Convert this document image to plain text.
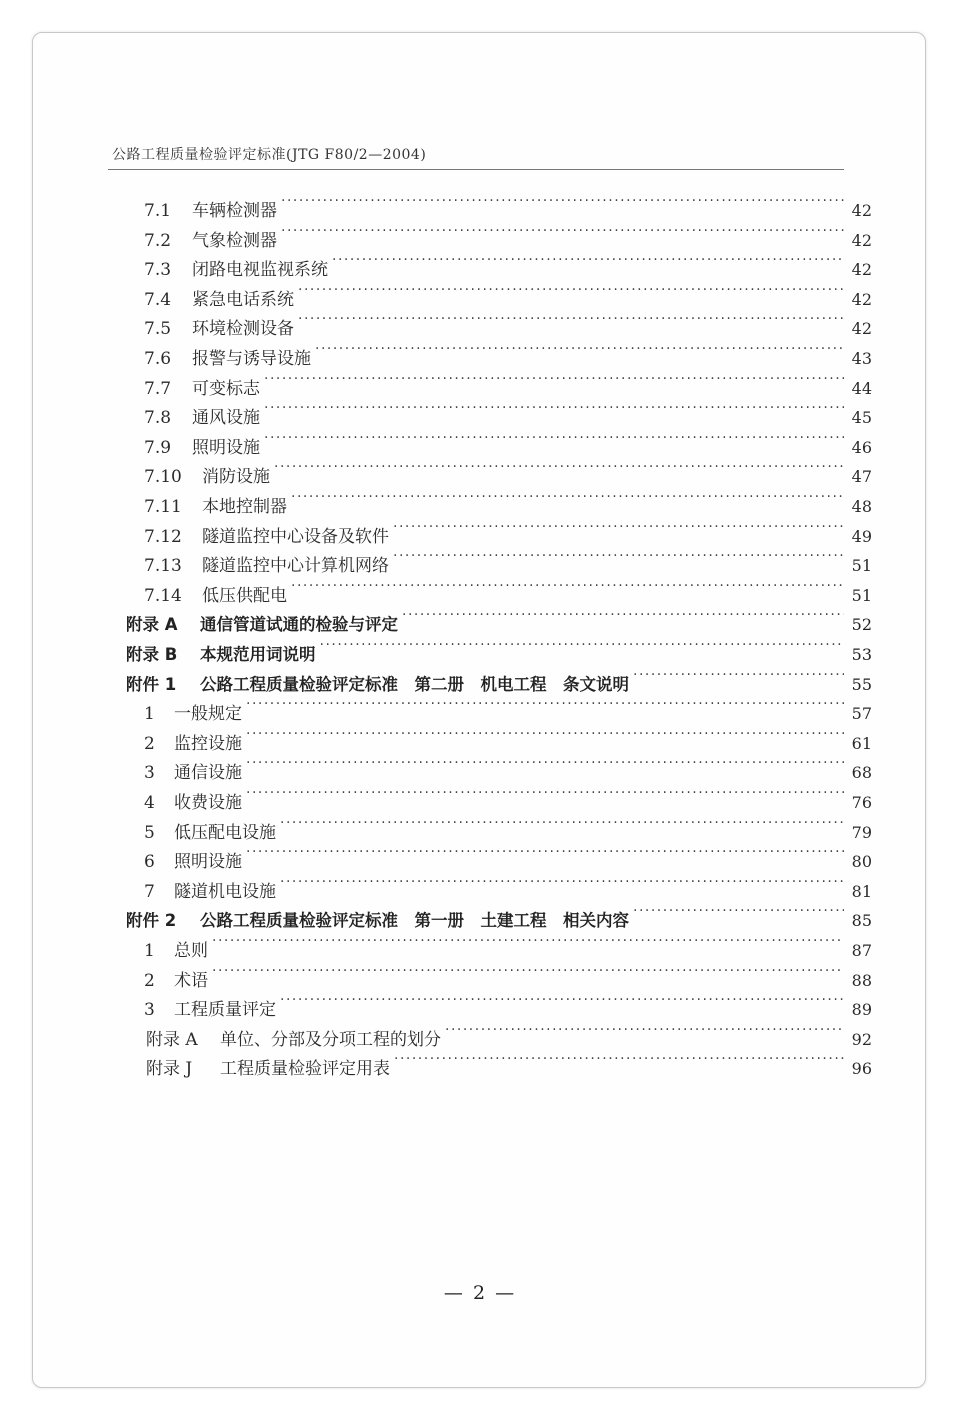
公路工程质量检验评定标准(JTG F80/2—2004)
7.1	车辆检测器 ·····	42
7.2	气象检测器 ·····	42
7.3	闭路电视监视系统 ·····	42
7.4	紧急电话系统 ·····	42
7.5	环境检测设备 ·····	42
7.6	报警与诱导设施 ·····	43
7.7	可变标志 ·····	44
7.8	通风设施 ·····	45
7.9	照明设施 ·····	46
7.10	消防设施 ·····	47
7.11	本地控制器 ·····	48
7.12	隧道监控中心设备及软件 ·····	49
7.13	隧道监控中心计算机网络 ·····	51
7.14	低压供配电 ·····	51
附录 A	通信管道试通的检验与评定 ·····	52
附录 B	本规范用词说明 ·····	53
附件 1	公路工程质量检验评定标准　第二册　机电工程　条文说明 ·····	55
1	一般规定 ·····	57
2	监控设施 ·····	61
3	通信设施 ·····	68
4	收费设施 ·····	76
5	低压配电设施 ·····	79
6	照明设施 ·····	80
7	隧道机电设施 ·····	81
附件 2	公路工程质量检验评定标准　第一册　土建工程　相关内容 ·····	85
1	总则 ·····	87
2	术语 ·····	88
3	工程质量评定 ·····	89
附录 A	单位、分部及分项工程的划分 ·····	92
附录 J	工程质量检验评定用表 ·····	96
— 2 —
